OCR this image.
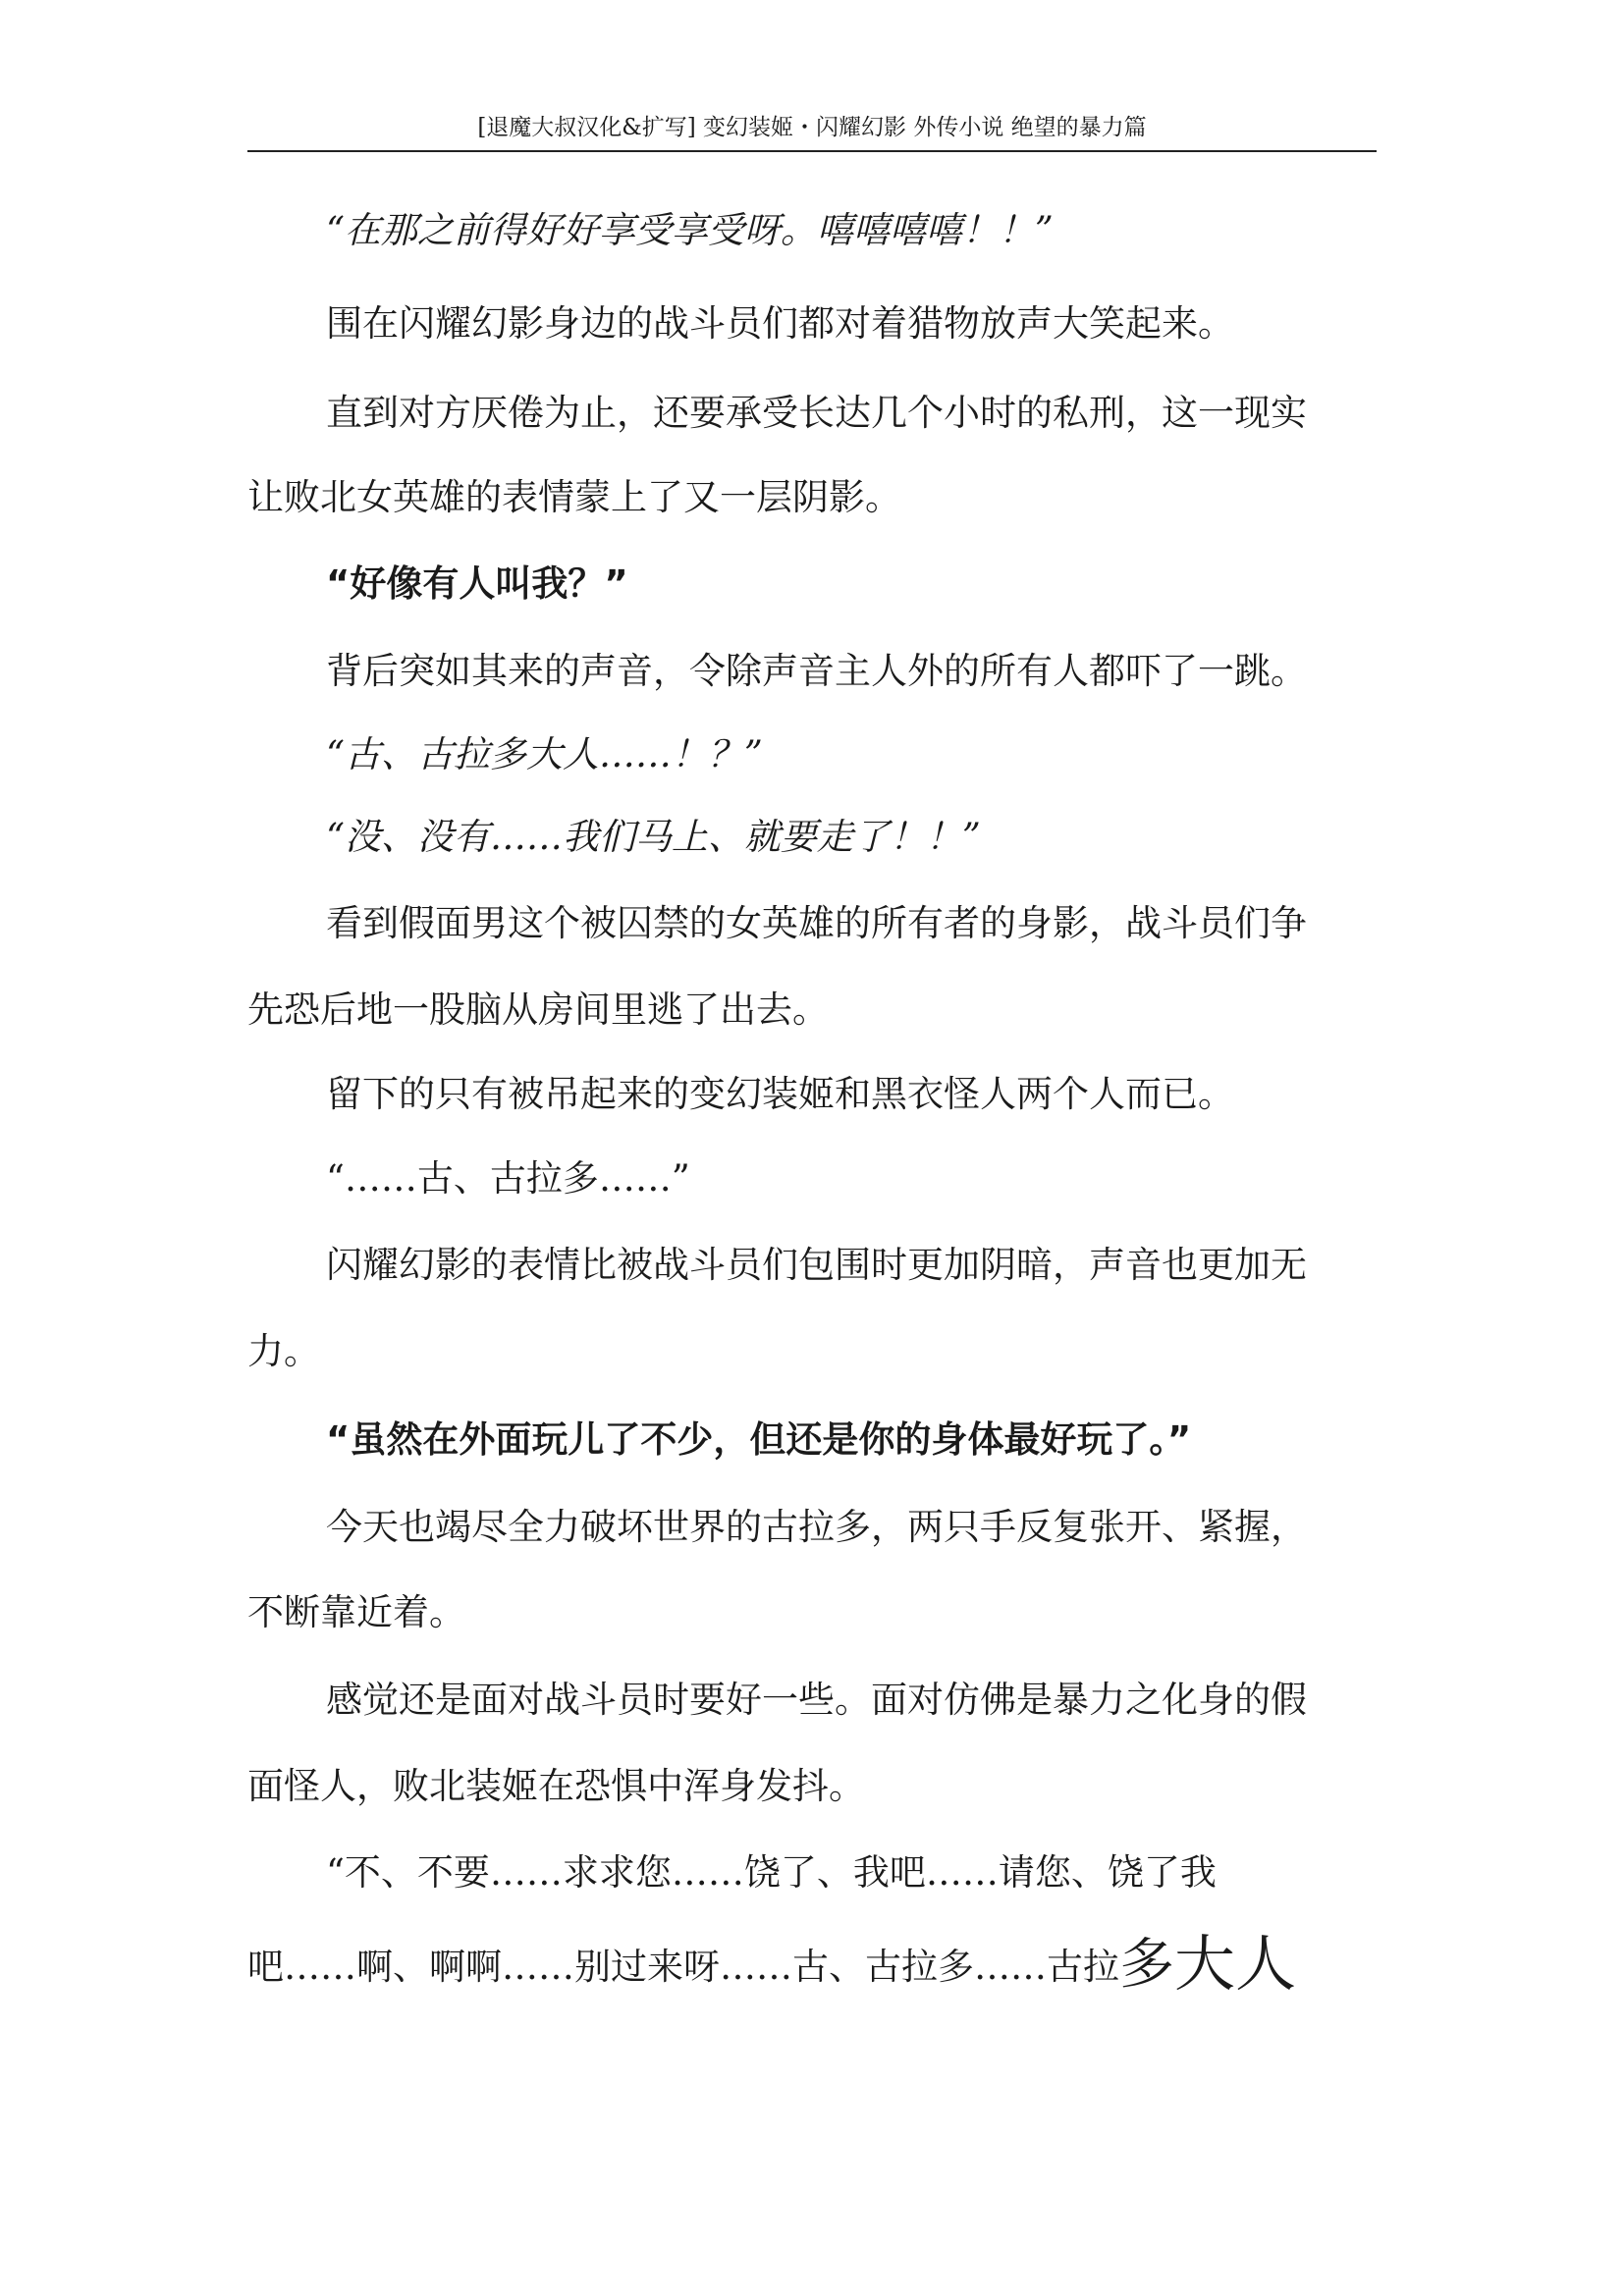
[退魔大叔汉化&扩写] 变幻装姬・闪耀幻影 外传小说 绝望的暴力篇
“在那之前得好好享受享受呀。嘻嘻嘻嘻！！”
围在闪耀幻影身边的战斗员们都对着猎物放声大笑起来。
直到对方厌倦为止，还要承受长达几个小时的私刑，这一现实
让败北女英雄的表情蒙上了又一层阴影。
“好像有人叫我？”
背后突如其来的声音，令除声音主人外的所有人都吓了一跳。
“古、古拉多大人……！？”
“没、没有……我们马上、就要走了！！”
看到假面男这个被囚禁的女英雄的所有者的身影，战斗员们争
先恐后地一股脑从房间里逃了出去。
留下的只有被吊起来的变幻装姬和黑衣怪人两个人而已。
“……古、古拉多……”
闪耀幻影的表情比被战斗员们包围时更加阴暗，声音也更加无
力。
“虽然在外面玩儿了不少，但还是你的身体最好玩了。”
今天也竭尽全力破坏世界的古拉多，两只手反复张开、紧握，
不断靠近着。
感觉还是面对战斗员时要好一些。面对仿佛是暴力之化身的假
面怪人，败北装姬在恐惧中浑身发抖。
“不、不要……求求您……饶了、我吧……请您、饶了我
吧……啊、啊啊……别过来呀……古、古拉多……古拉多大人
